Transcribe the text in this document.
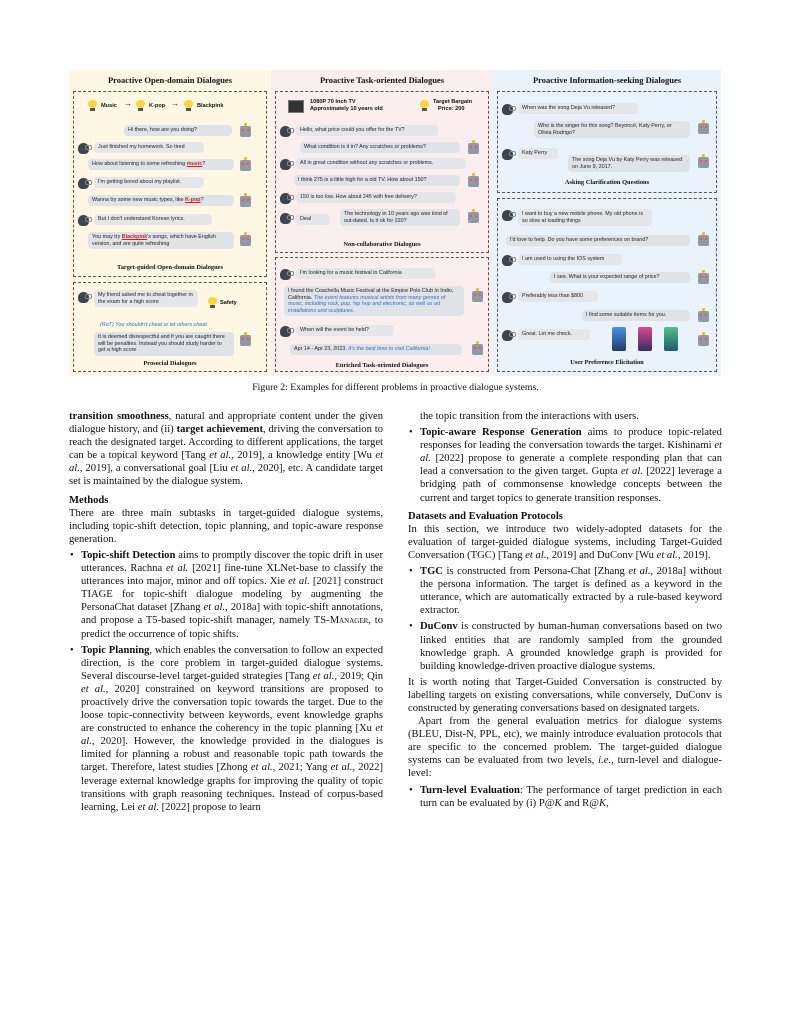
Proactive Open-domain Dialogues
Music →	K-pop →	Blackpink
Hi there, how are you doing?
Just finished my homework. So tired
How about listening to some refreshing music?
I'm getting bored about my playlist.
Wanna try some new music types, like K-pop?
But I don't understand Korean lyrics.
You may try Blackpink's songs, which have English version, and are quite refreshing
Target-guided Open-domain Dialogues
My friend asked me to cheat together in the exam for a high score	Safety
(RoT) You shouldn't cheat or let others cheat.
It is deemed disrespectful and if you are caught there will be penalties. Instead you should study harder to get a high score
Prosocial Dialogues
Proactive Task-oriented Dialogues
1080P 70 Inch TV
Approximately 10 years old
Target Bargain
Price: 200
Hello, what price could you offer for the TV?
What condition is it in? Any scratches or problems?
All in great condition without any scratches or problems.
I think 275 is a little high for a old TV. How about 150?
150 is too low. How about 245 with free delivery?
The technology in 10 years ago was kind of out-dated. Is it ok for 220?
Deal
Non-collaborative Dialogues
I'm looking for a music festival in California
I found the Coachella Music Festival at the Empire Polo Club in Indio, California. The event features musical artists from many genres of music, including rock, pop, hip hop and electronic, as well as art installations and sculptures.
When will the event be held?
Apr 14 - Apr 23, 2023. It's the best time to visit California!
Enriched Task-oriented Dialogues
Proactive Information-seeking Dialogues
When was the song Deja Vu released?
Who is the singer for this song? Beyoncé, Katy Perry, or Olivia Rodrigo?
Katy Perry
The song Deja Vu by Katy Perry was released on June 9, 2017.
Asking Clarification Questions
I want to buy a new mobile phone. My old phone is so slow at loading things
I'd love to help. Do you have some preferences on brand?
I am used to using the IOS system
I see. What is your expected range of price?
Preferably less than $800
I find some suitable items for you.
Great. Let me check.
User Preference Elicitation
Figure 2: Examples for different problems in proactive dialogue systems.

transition smoothness, natural and appropriate content under the given dialogue history, and (ii) target achievement, driving the conversation to reach the designated target. According to different applications, the target can be a topical keyword [Tang et al., 2019], a knowledge entity [Wu et al., 2019], a conversational goal [Liu et al., 2020], etc. A candidate target set is maintained by the dialogue system.

Methods

There are three main subtasks in target-guided dialogue systems, including topic-shift detection, topic planning, and topic-aware response generation.

• Topic-shift Detection aims to promptly discover the topic drift in user utterances. Rachna et al. [2021] fine-tune XLNet-base to classify the utterances into major, minor and off topics. Xie et al. [2021] construct TIAGE for topic-shift dialogue modeling by augmenting the PersonaChat dataset [Zhang et al., 2018a] with topic-shift annotations, and propose a T5-based topic-shift manager, namely TS-Manager, to predict the occurrence of topic shifts.
• Topic Planning, which enables the conversation to follow an expected direction, is the core problem in target-guided dialogue systems. Several discourse-level target-guided strategies [Tang et al., 2019; Qin et al., 2020] constrained on keyword transitions are proposed to proactively drive the conversation topic towards the target. Due to the loose topic-connectivity between keywords, event knowledge graphs are constructed to enhance the coherency in the topic planning [Xu et al., 2020]. However, the knowledge provided in the dialogues is limited for planning a robust and reasonable topic path towards the target. Therefore, latest studies [Zhong et al., 2021; Yang et al., 2022] leverage external knowledge graphs for improving the quality of topic transitions with graph reasoning techniques. Instead of corpus-based learning, Lei et al. [2022] propose to learn

the topic transition from the interactions with users.

• Topic-aware Response Generation aims to produce topic-related responses for leading the conversation towards the target. Kishinami et al. [2022] propose to generate a complete responding plan that can lead a conversation to the given target. Gupta et al. [2022] leverage a bridging path of commonsense knowledge concepts between the current and target topics to generate transition responses.
Datasets and Evaluation Protocols

In this section, we introduce two widely-adopted datasets for the evaluation of target-guided dialogue systems, including Target-Guided Conversation (TGC) [Tang et al., 2019] and DuConv [Wu et al., 2019].

• TGC is constructed from Persona-Chat [Zhang et al., 2018a] without the persona information. The target is defined as a keyword in the utterance, which are automatically extracted by a rule-based keyword extractor.
• DuConv is constructed by human-human conversations based on two linked entities that are randomly sampled from the grounded knowledge graph. A grounded knowledge graph is provided for building knowledge-driven proactive dialogue systems.

It is worth noting that Target-Guided Conversation is constructed by labelling targets on existing conversations, while conversely, DuConv is constructed by generating conversations based on designated targets.

Apart from the general evaluation metrics for dialogue systems (BLEU, Dist-N, PPL, etc), we mainly introduce evaluation protocols that are specific to the concerned problem. The target-guided dialogue systems can be evaluated from two levels, i.e., turn-level and dialogue-level:

• Turn-level Evaluation: The performance of target prediction in each turn can be evaluated by (i) P@K and R@K,
